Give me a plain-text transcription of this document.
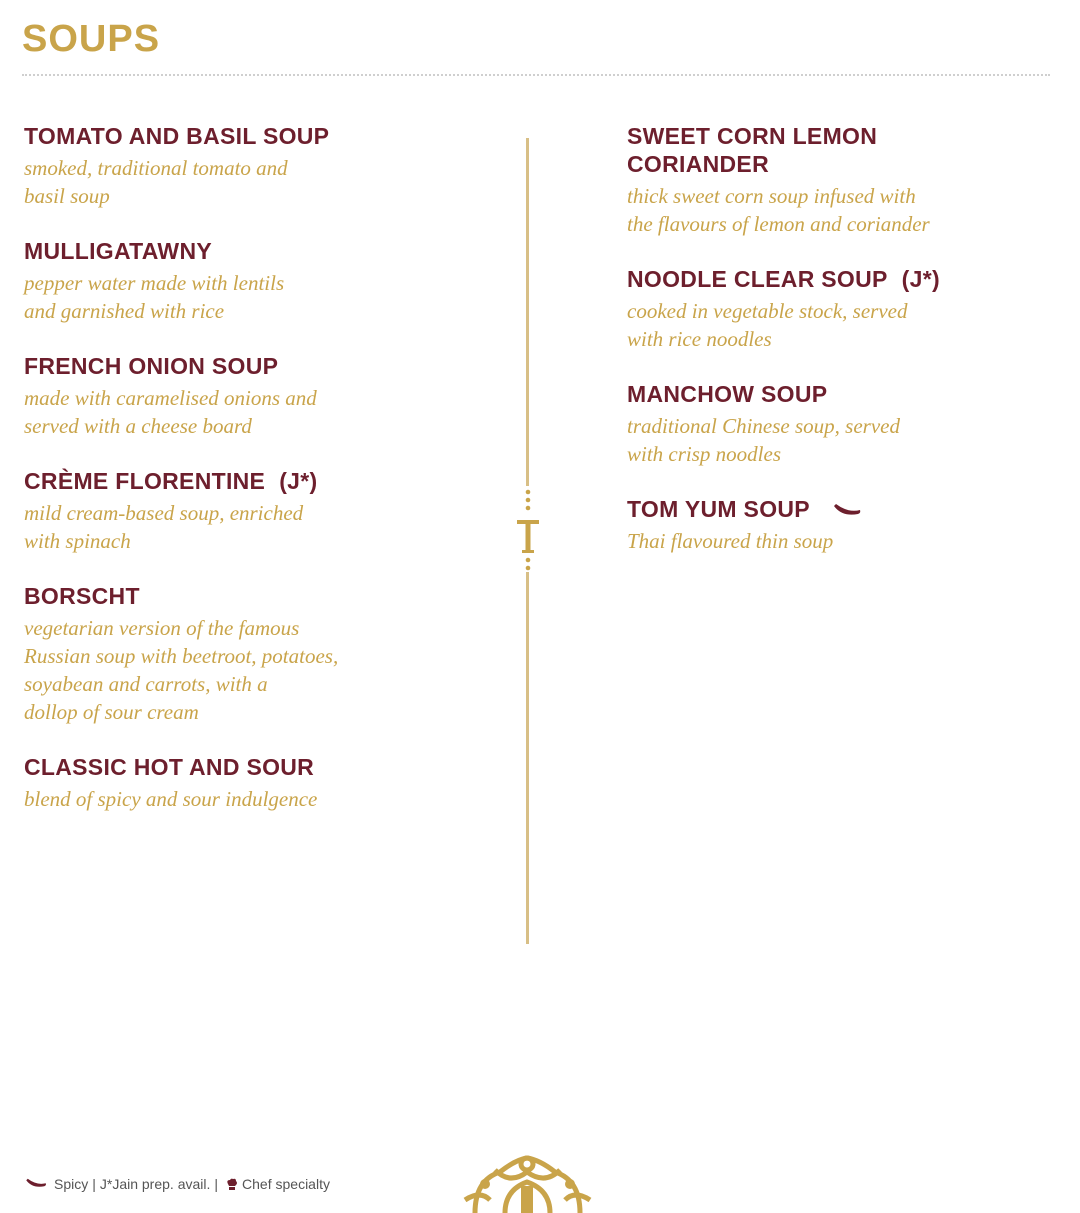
SOUPS
TOMATO AND BASIL SOUP
smoked, traditional tomato and
basil soup
MULLIGATAWNY
pepper water made with lentils
and garnished with rice
FRENCH ONION SOUP
made with caramelised onions and
served with a cheese board
CRÈME FLORENTINE (J*)
mild cream-based soup, enriched
with spinach
BORSCHT
vegetarian version of the famous
Russian soup with beetroot, potatoes,
soyabean and carrots, with a
dollop of sour cream
CLASSIC HOT AND SOUR
blend of spicy and sour indulgence
SWEET CORN LEMON
CORIANDER
thick sweet corn soup infused with
the flavours of lemon and coriander
NOODLE CLEAR SOUP (J*)
cooked in vegetable stock, served
with rice noodles
MANCHOW SOUP
traditional Chinese soup, served
with crisp noodles
TOM YUM SOUP
Thai flavoured thin soup
Spicy | J*Jain prep. avail. | Chef specialty
